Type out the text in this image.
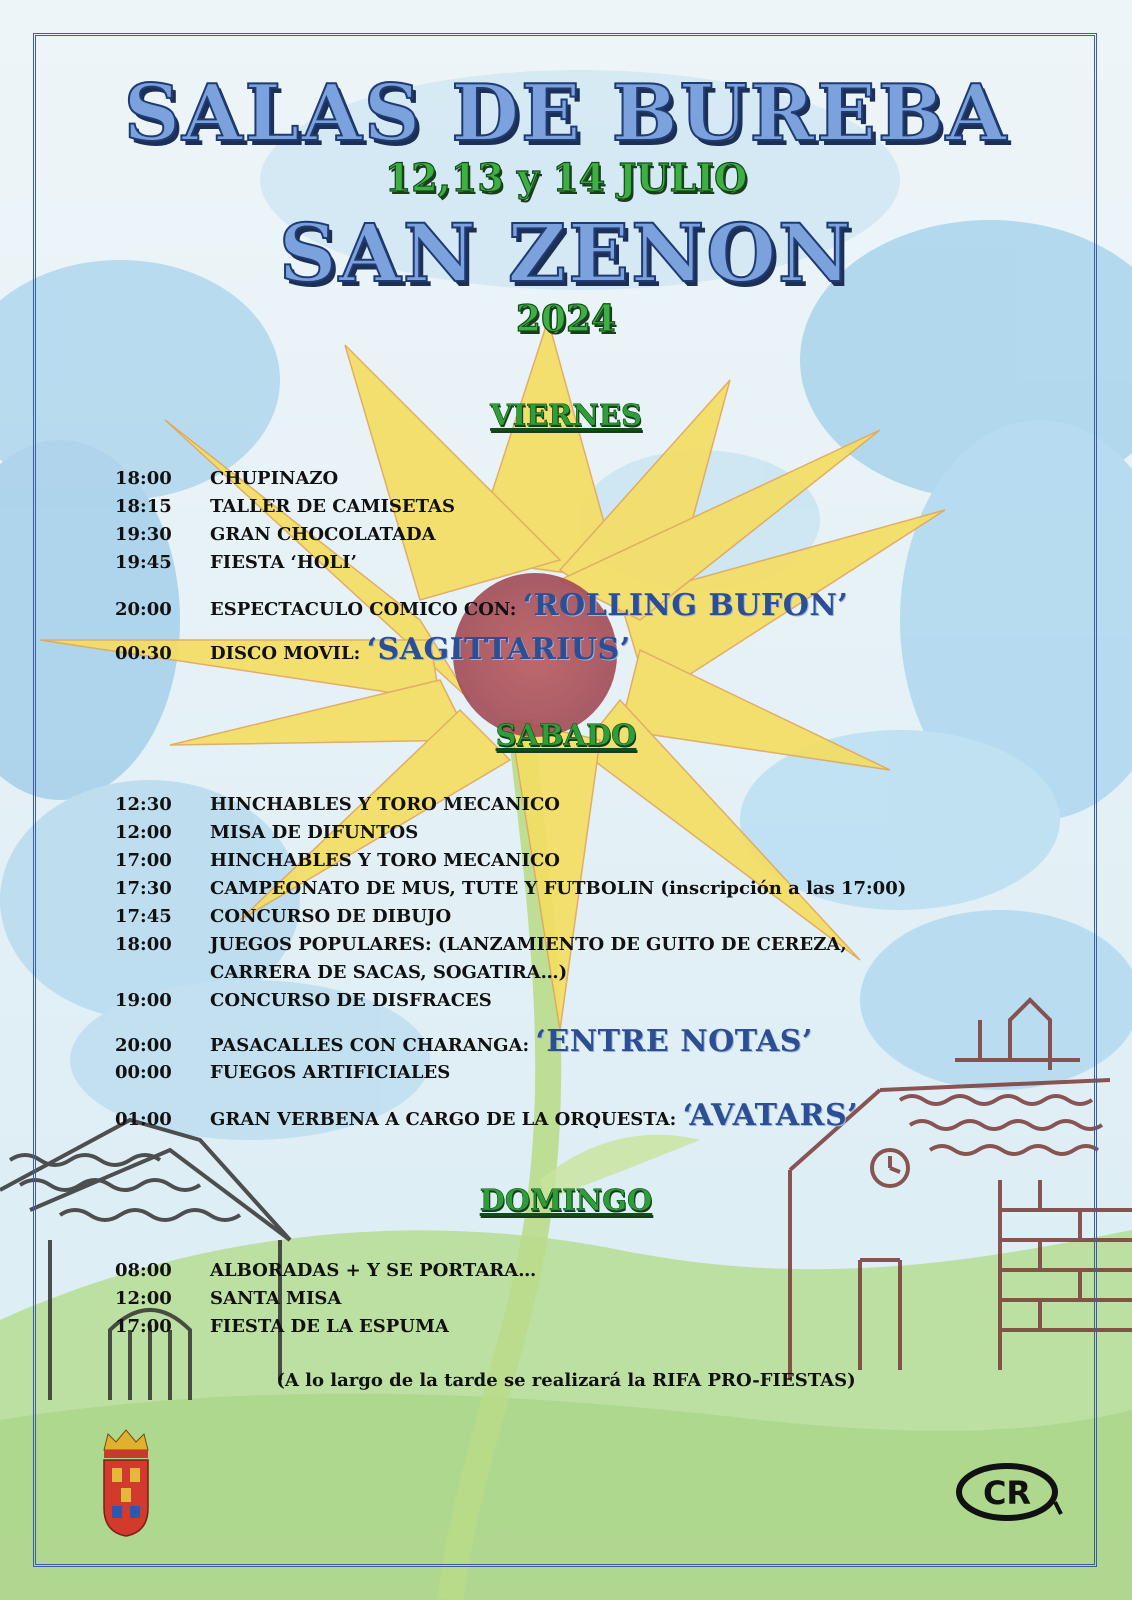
SALAS DE BUREBA
12,13 y 14 JULIO
SAN ZENON
2024
VIERNES
18:00 CHUPINAZO
18:15 TALLER DE CAMISETAS
19:30 GRAN CHOCOLATADA
19:45 FIESTA ‘HOLI’
20:00 ESPECTACULO COMICO CON: ‘ROLLING BUFON’
00:30 DISCO MOVIL: ‘SAGITTARIUS’
SABADO
12:30 HINCHABLES Y TORO MECANICO
12:00 MISA DE DIFUNTOS
17:00 HINCHABLES Y TORO MECANICO
17:30 CAMPEONATO DE MUS, TUTE Y FUTBOLIN (inscripción a las 17:00)
17:45 CONCURSO DE DIBUJO
18:00 JUEGOS POPULARES: (LANZAMIENTO DE GUITO DE CEREZA,
CARRERA DE SACAS, SOGATIRA…)
19:00 CONCURSO DE DISFRACES
20:00 PASACALLES CON CHARANGA: ‘ENTRE NOTAS’
00:00 FUEGOS ARTIFICIALES
01:00 GRAN VERBENA A CARGO DE LA ORQUESTA: ‘AVATARS’
DOMINGO
08:00 ALBORADAS + Y SE PORTARA…
12:00 SANTA MISA
17:00 FIESTA DE LA ESPUMA
(A lo largo de la tarde se realizará la RIFA PRO-FIESTAS)
CR
